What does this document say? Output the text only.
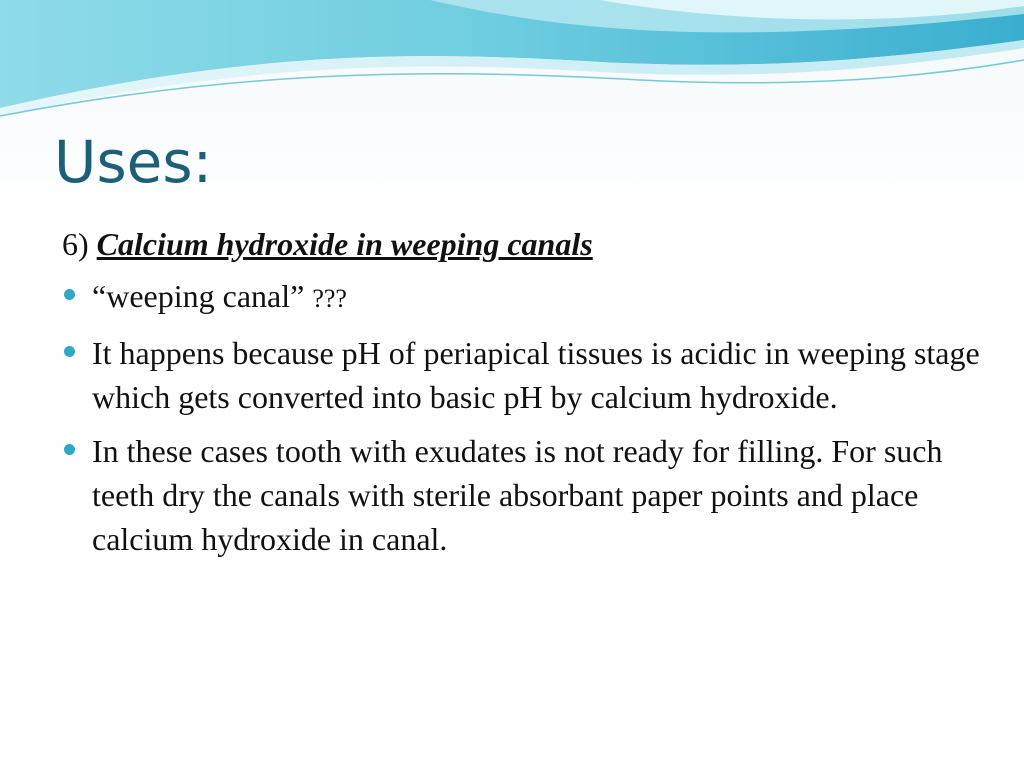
Uses:

6) Calcium hydroxide in weeping canals

“weeping canal” ???
It happens because pH of periapical tissues is acidic in weeping stage which gets converted into basic pH by calcium hydroxide.
In these cases tooth with exudates is not ready for filling. For such teeth dry the canals with sterile absorbant paper points and place calcium hydroxide in canal.
